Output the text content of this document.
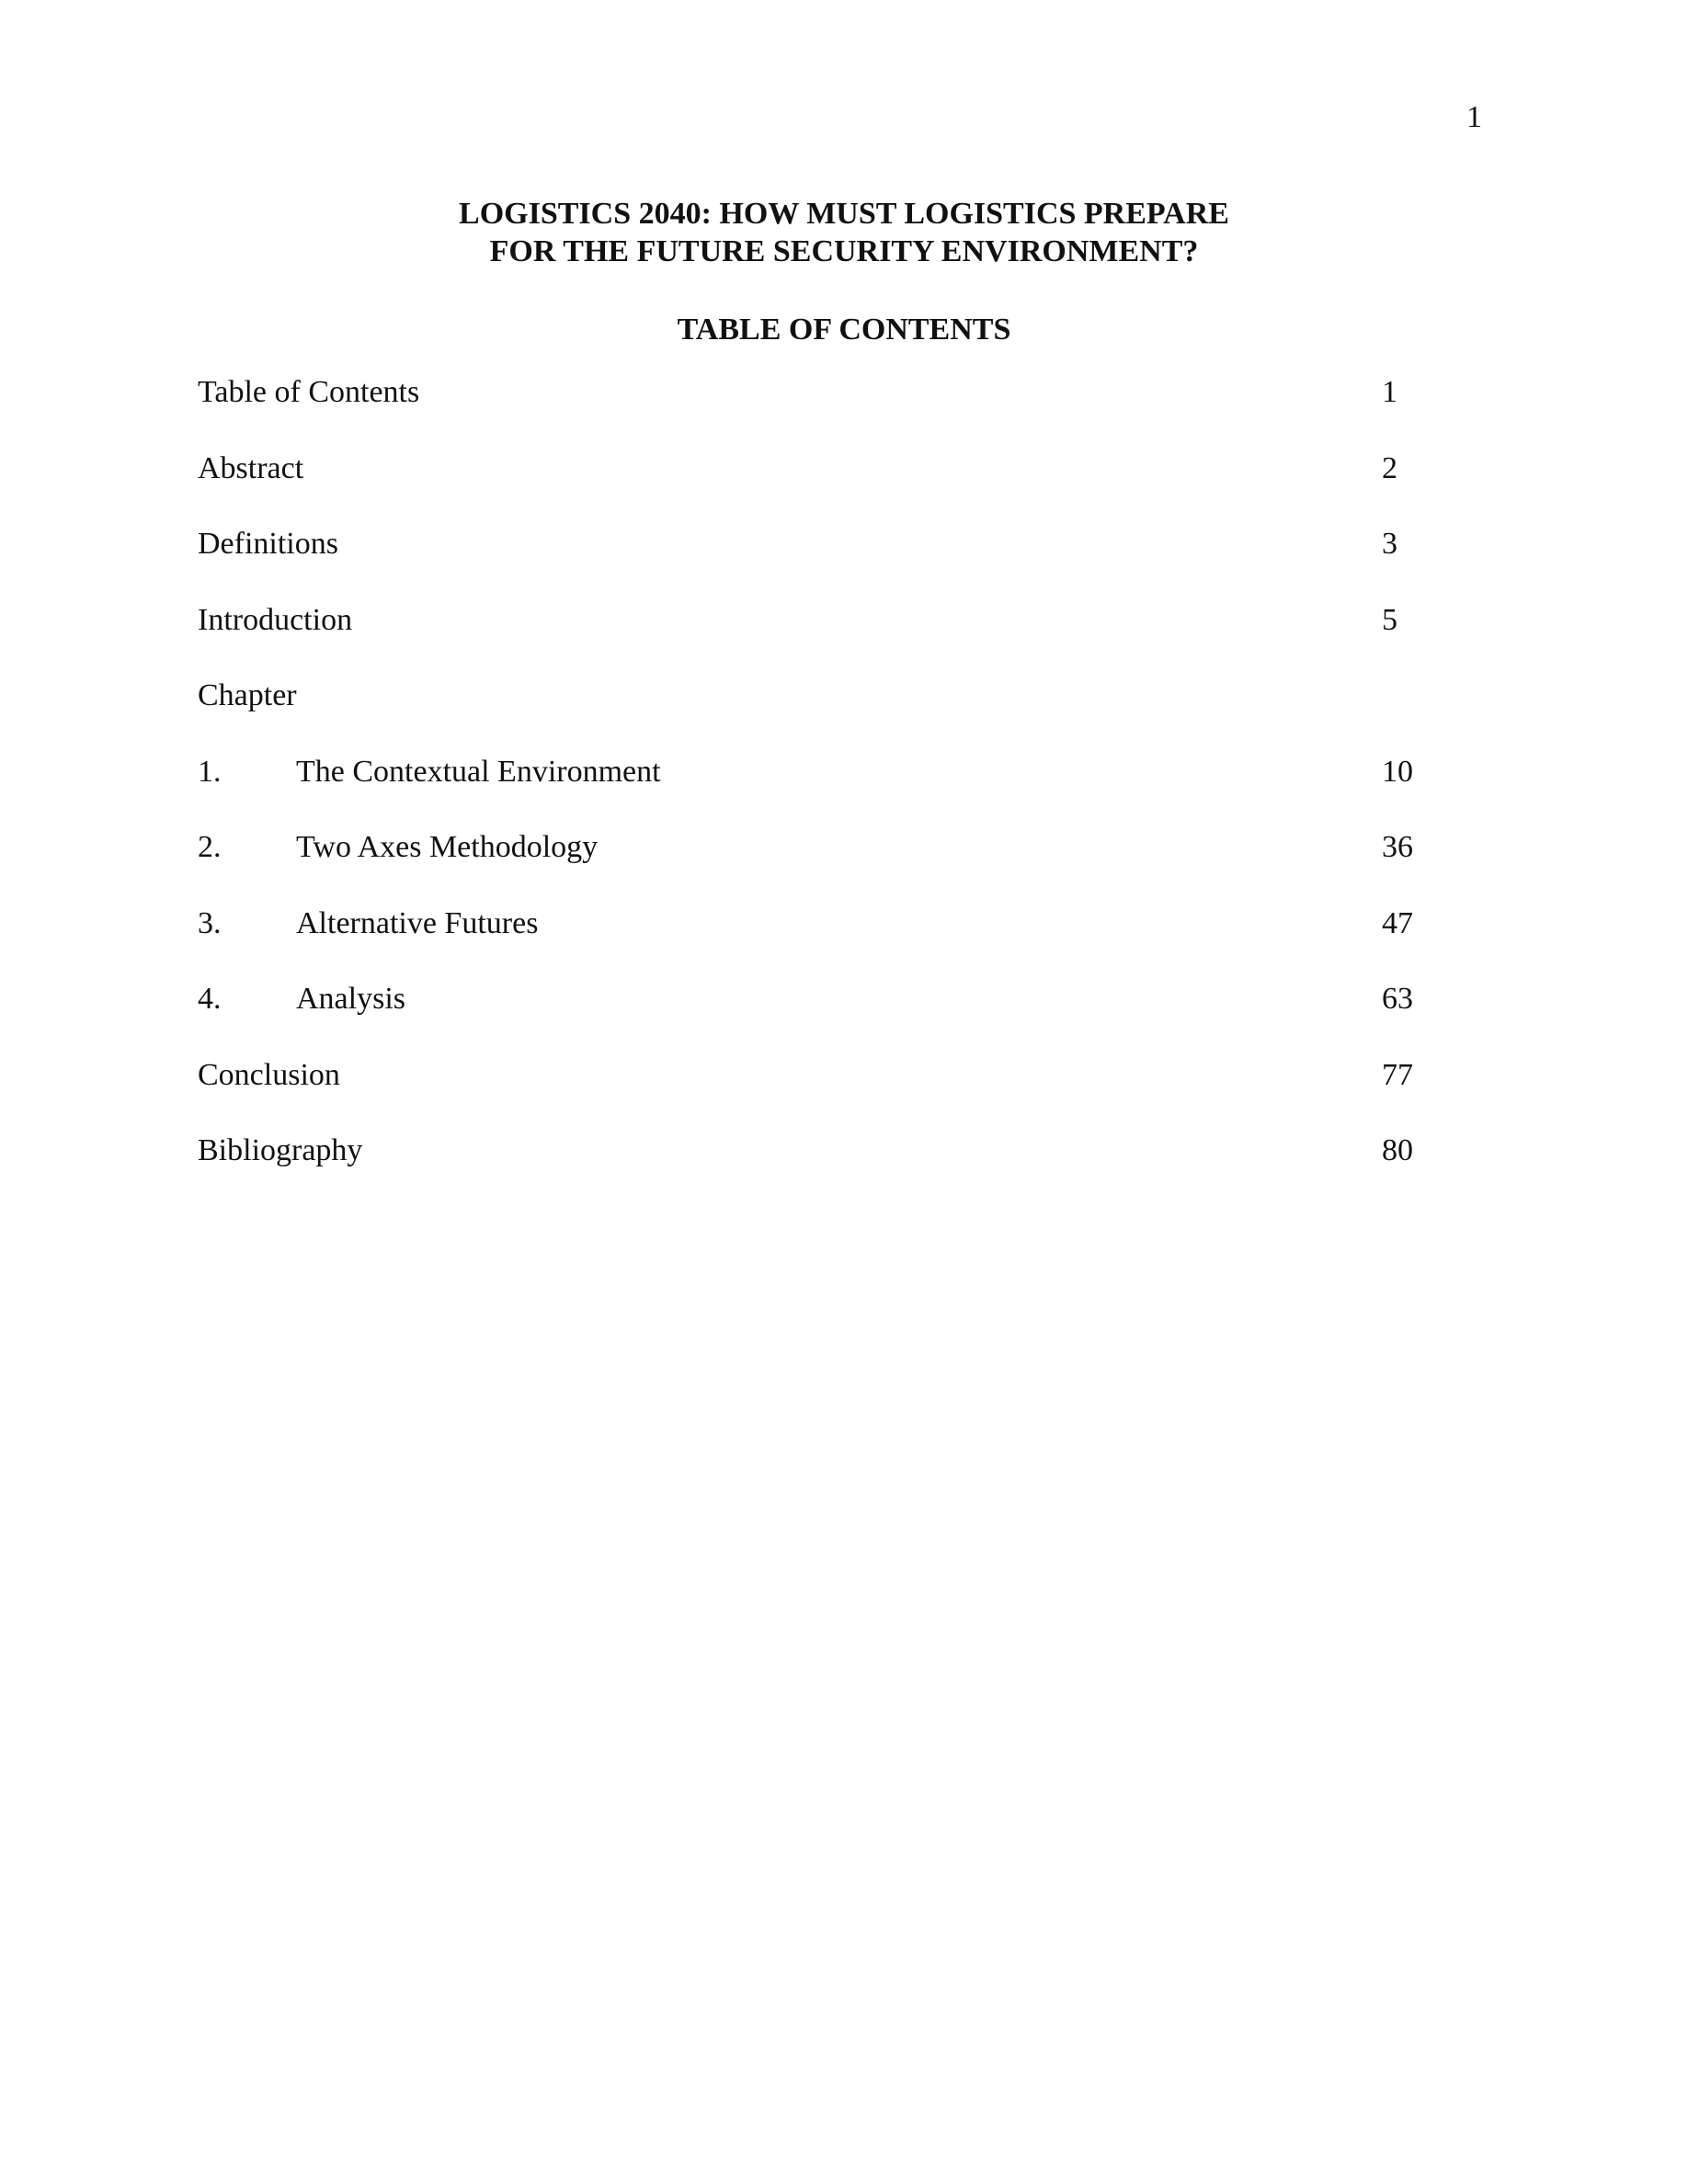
1
LOGISTICS 2040: HOW MUST LOGISTICS PREPARE
FOR THE FUTURE SECURITY ENVIRONMENT?
TABLE OF CONTENTS
Table of Contents	1
Abstract	2
Definitions	3
Introduction	5
Chapter
1. The Contextual Environment	10
2. Two Axes Methodology	36
3. Alternative Futures	47
4. Analysis	63
Conclusion	77
Bibliography	80
